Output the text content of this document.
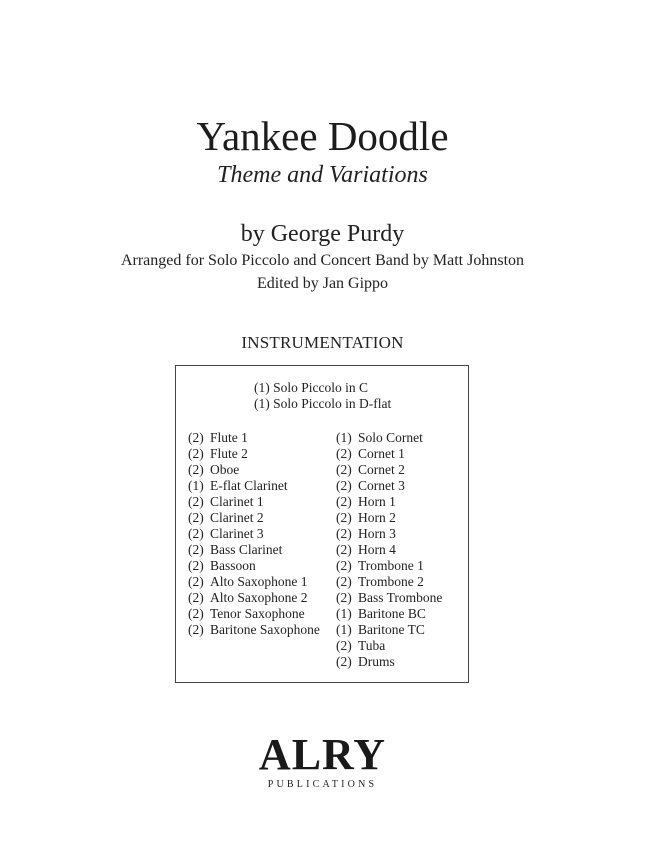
Yankee Doodle
Theme and Variations
by George Purdy
Arranged for Solo Piccolo and Concert Band by Matt Johnston
Edited by Jan Gippo
INSTRUMENTATION
(1) Solo Piccolo in C
(1) Solo Piccolo in D-flat
(2) Flute 1
(2) Flute 2
(2) Oboe
(1) E-flat Clarinet
(2) Clarinet 1
(2) Clarinet 2
(2) Clarinet 3
(2) Bass Clarinet
(2) Bassoon
(2) Alto Saxophone 1
(2) Alto Saxophone 2
(2) Tenor Saxophone
(2) Baritone Saxophone
(1) Solo Cornet
(2) Cornet 1
(2) Cornet 2
(2) Cornet 3
(2) Horn 1
(2) Horn 2
(2) Horn 3
(2) Horn 4
(2) Trombone 1
(2) Trombone 2
(2) Bass Trombone
(1) Baritone BC
(1) Baritone TC
(2) Tuba
(2) Drums
ALRY
PUBLICATIONS
